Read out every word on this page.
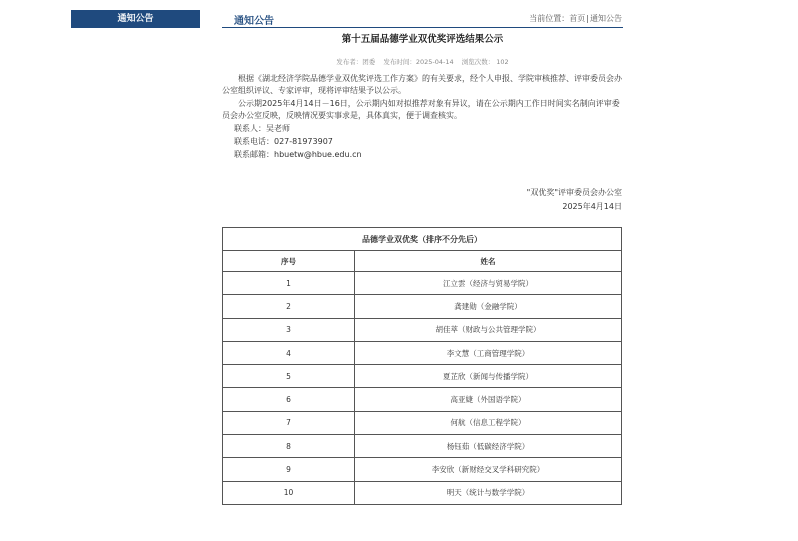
通知公告	通知公告	当前位置：首页|通知公告
第十五届品德学业双优奖评选结果公示
发布者：团委 发布时间：2025-04-14 浏览次数： 102
根据《湖北经济学院品德学业双优奖评选工作方案》的有关要求，经个人申报、学院审核推荐、评审委员会办公室组织评议、专家评审，现将评审结果予以公示。
公示期2025年4月14日－16日，公示期内如对拟推荐对象有异议，请在公示期内工作日时间实名制向评审委员会办公室反映，反映情况要实事求是，具体真实，便于调查核实。
联系人：吴老师
联系电话：027-81973907
联系邮箱：hbuetw@hbue.edu.cn
"双优奖"评审委员会办公室
2025年4月14日
品德学业双优奖（排序不分先后）	
序号	姓名
1	江立雲（经济与贸易学院）
2	龚建勋（金融学院）
3	胡佳萃（财政与公共管理学院）
4	李文慧（工商管理学院）
5	夏芷欣（新闻与传播学院）
6	高亚婕（外国语学院）
7	何航（信息工程学院）
8	杨钰茹（低碳经济学院）
9	李安欣（新财经交叉学科研究院）
10	明天（统计与数学学院）
